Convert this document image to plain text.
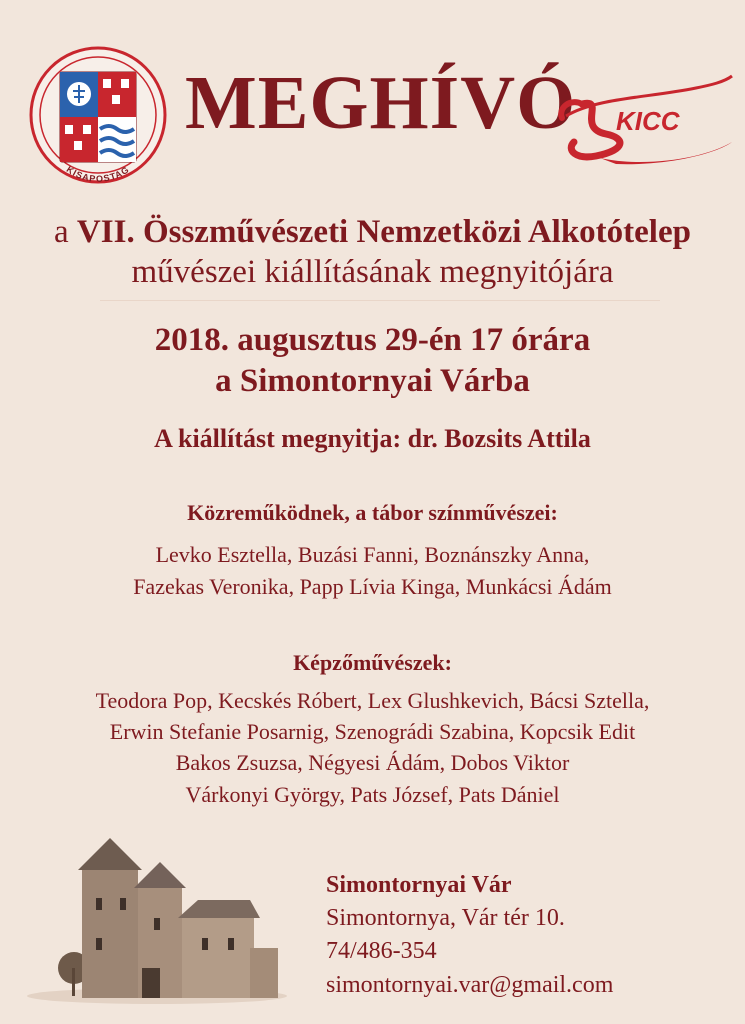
KISAPOSTAG
MEGHÍVÓ KICC
a VII. Összművészeti Nemzetközi Alkotótelep
művészei kiállításának megnyitójára
2018. augusztus 29-én 17 órára
a Simontornyai Várba
A kiállítást megnyitja: dr. Bozsits Attila
Közreműködnek, a tábor színművészei:
Levko Esztella, Buzási Fanni, Boznánszky Anna,
Fazekas Veronika, Papp Lívia Kinga, Munkácsi Ádám
Képzőművészek:
Teodora Pop, Kecskés Róbert, Lex Glushkevich, Bácsi Sztella,
Erwin Stefanie Posarnig, Szenográdi Szabina, Kopcsik Edit
Bakos Zsuzsa, Négyesi Ádám, Dobos Viktor
Várkonyi György, Pats József, Pats Dániel
Simontornyai Vár
Simontornya, Vár tér 10.
74/486-354
simontornyai.var@gmail.com
